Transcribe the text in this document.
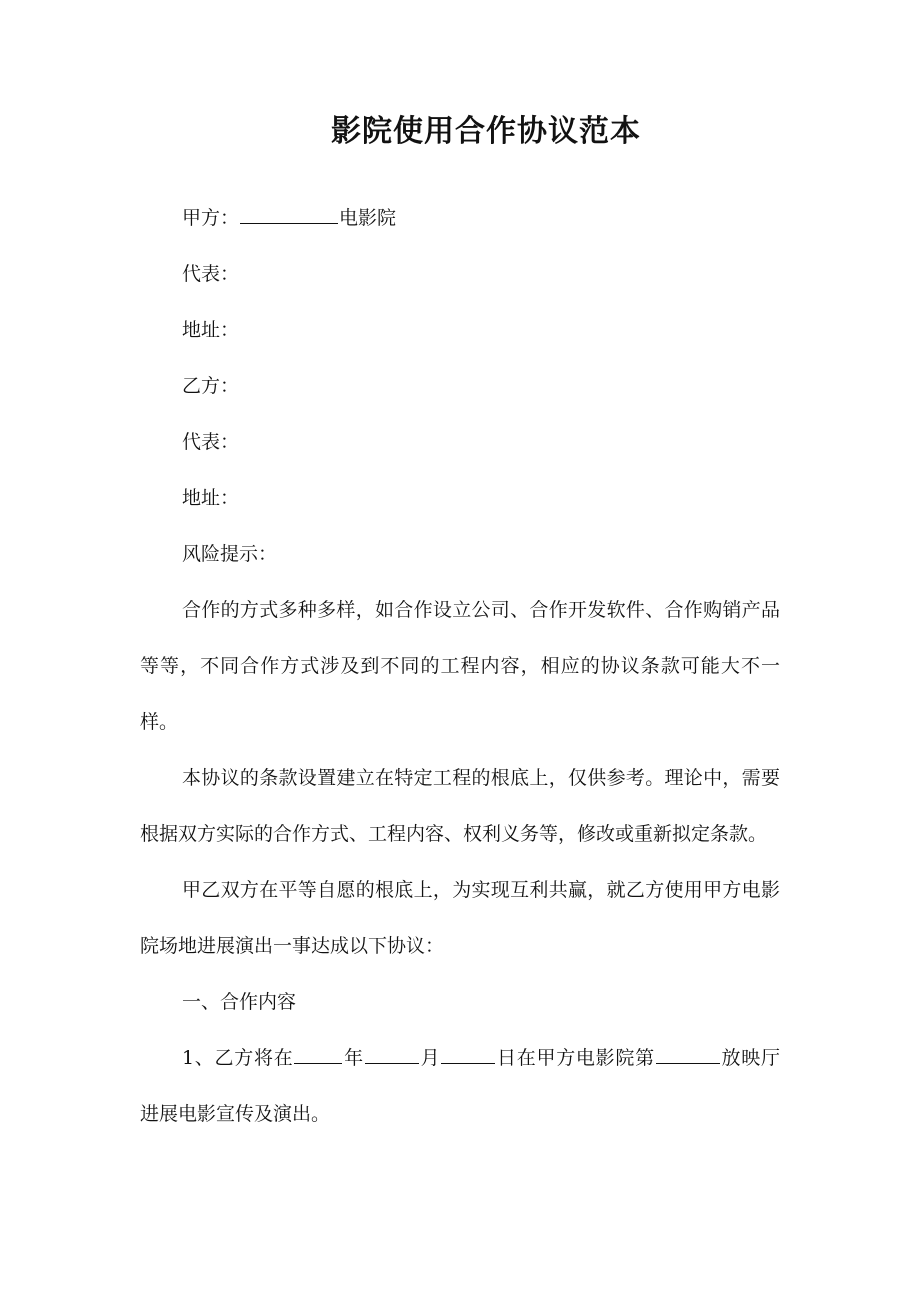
影院使用合作协议范本

甲方：	电影院

代表：

地址：

乙方：

代表：

地址：

风险提示：

合作的方式多种多样，如合作设立公司、合作开发软件、合作购销产品等等，不同合作方式涉及到不同的工程内容，相应的协议条款可能大不一样。

本协议的条款设置建立在特定工程的根底上，仅供参考。理论中，需要根据双方实际的合作方式、工程内容、权利义务等，修改或重新拟定条款。

甲乙双方在平等自愿的根底上，为实现互利共赢，就乙方使用甲方电影院场地进展演出一事达成以下协议：

一、合作内容

1、乙方将在	年	月	日在甲方电影院第	放映厅进展电影宣传及演出。
